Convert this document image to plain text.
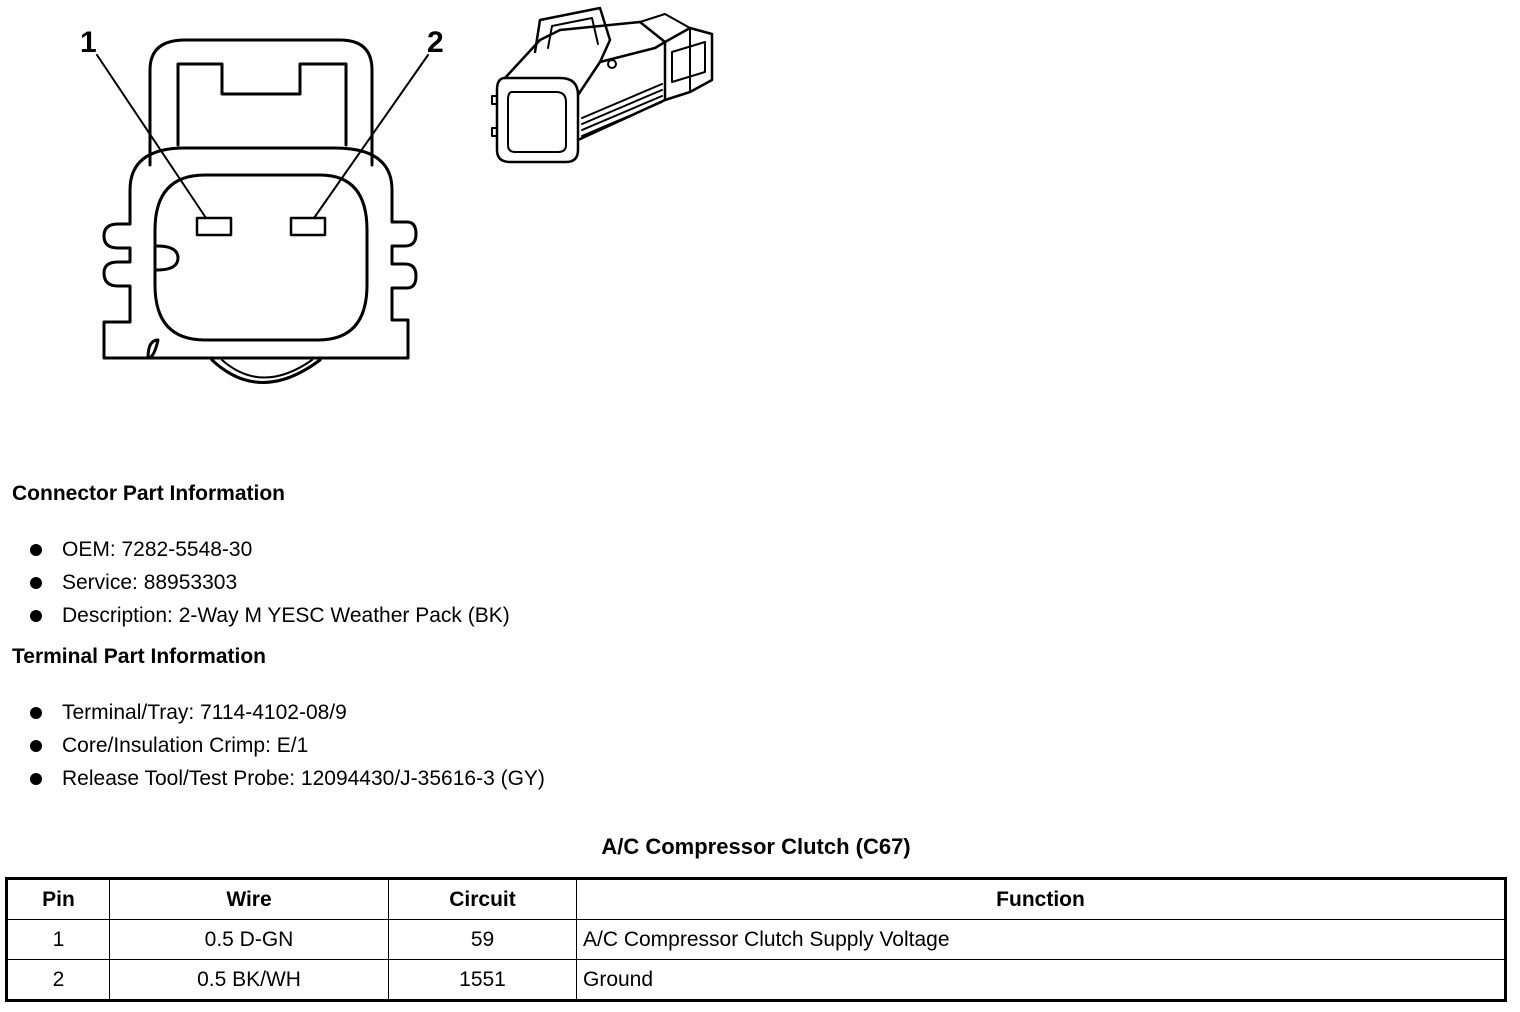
1	2
Connector Part Information
OEM: 7282-5548-30
Service: 88953303
Description: 2-Way M YESC Weather Pack (BK)
Terminal Part Information
Terminal/Tray: 7114-4102-08/9
Core/Insulation Crimp: E/1
Release Tool/Test Probe: 12094430/J-35616-3 (GY)
A/C Compressor Clutch (C67)
Pin	Wire	Circuit	Function
1	0.5 D-GN	59	A/C Compressor Clutch Supply Voltage
2	0.5 BK/WH	1551	Ground
